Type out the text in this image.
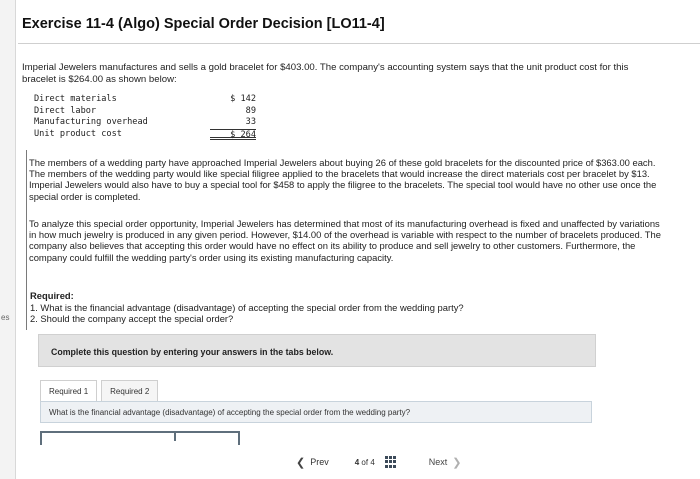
es
Exercise 11-4 (Algo) Special Order Decision [LO11-4]
Imperial Jewelers manufactures and sells a gold bracelet for $403.00. The company's accounting system says that the unit product cost for this bracelet is $264.00 as shown below:
Direct materials	$ 142
Direct labor	89
Manufacturing overhead	33
Unit product cost	$ 264
The members of a wedding party have approached Imperial Jewelers about buying 26 of these gold bracelets for the discounted price of $363.00 each. The members of the wedding party would like special filigree applied to the bracelets that would increase the direct materials cost per bracelet by $13. Imperial Jewelers would also have to buy a special tool for $458 to apply the filigree to the bracelets. The special tool would have no other use once the special order is completed.
To analyze this special order opportunity, Imperial Jewelers has determined that most of its manufacturing overhead is fixed and unaffected by variations in how much jewelry is produced in any given period. However, $14.00 of the overhead is variable with respect to the number of bracelets produced. The company also believes that accepting this order would have no effect on its ability to produce and sell jewelry to other customers. Furthermore, the company could fulfill the wedding party's order using its existing manufacturing capacity.
Required:
1. What is the financial advantage (disadvantage) of accepting the special order from the wedding party?
2. Should the company accept the special order?
Complete this question by entering your answers in the tabs below.
Required 1	Required 2
What is the financial advantage (disadvantage) of accepting the special order from the wedding party?
❮ Prev	4 of 4	Next ❯
